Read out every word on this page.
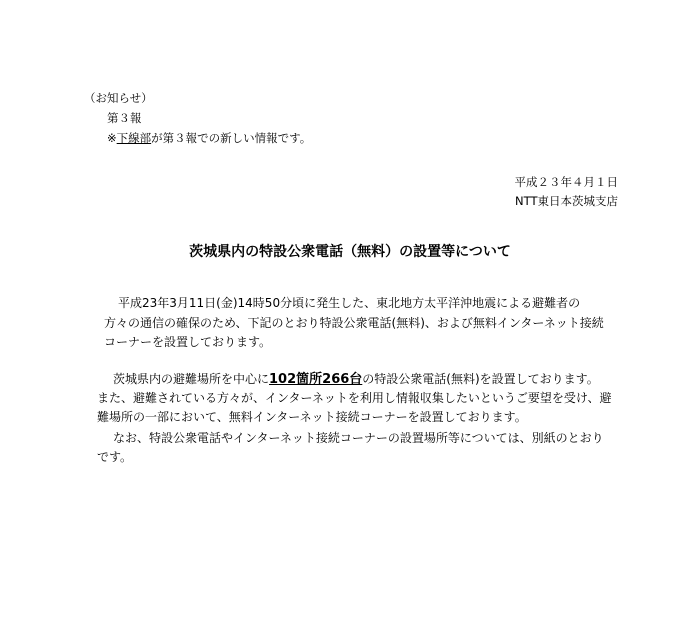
（お知らせ）
第３報
※下線部が第３報での新しい情報です。
平成２３年４月１日
NTT東日本茨城支店
茨城県内の特設公衆電話（無料）の設置等について
平成23年3月11日(金)14時50分頃に発生した、東北地方太平洋沖地震による避難者の
方々の通信の確保のため、下記のとおり特設公衆電話(無料)、および無料インターネット接続
コーナーを設置しております。
茨城県内の避難場所を中心に102箇所266台の特設公衆電話(無料)を設置しております。
また、避難されている方々が、インターネットを利用し情報収集したいというご要望を受け、避
難場所の一部において、無料インターネット接続コーナーを設置しております。
なお、特設公衆電話やインターネット接続コーナーの設置場所等については、別紙のとおり
です。
